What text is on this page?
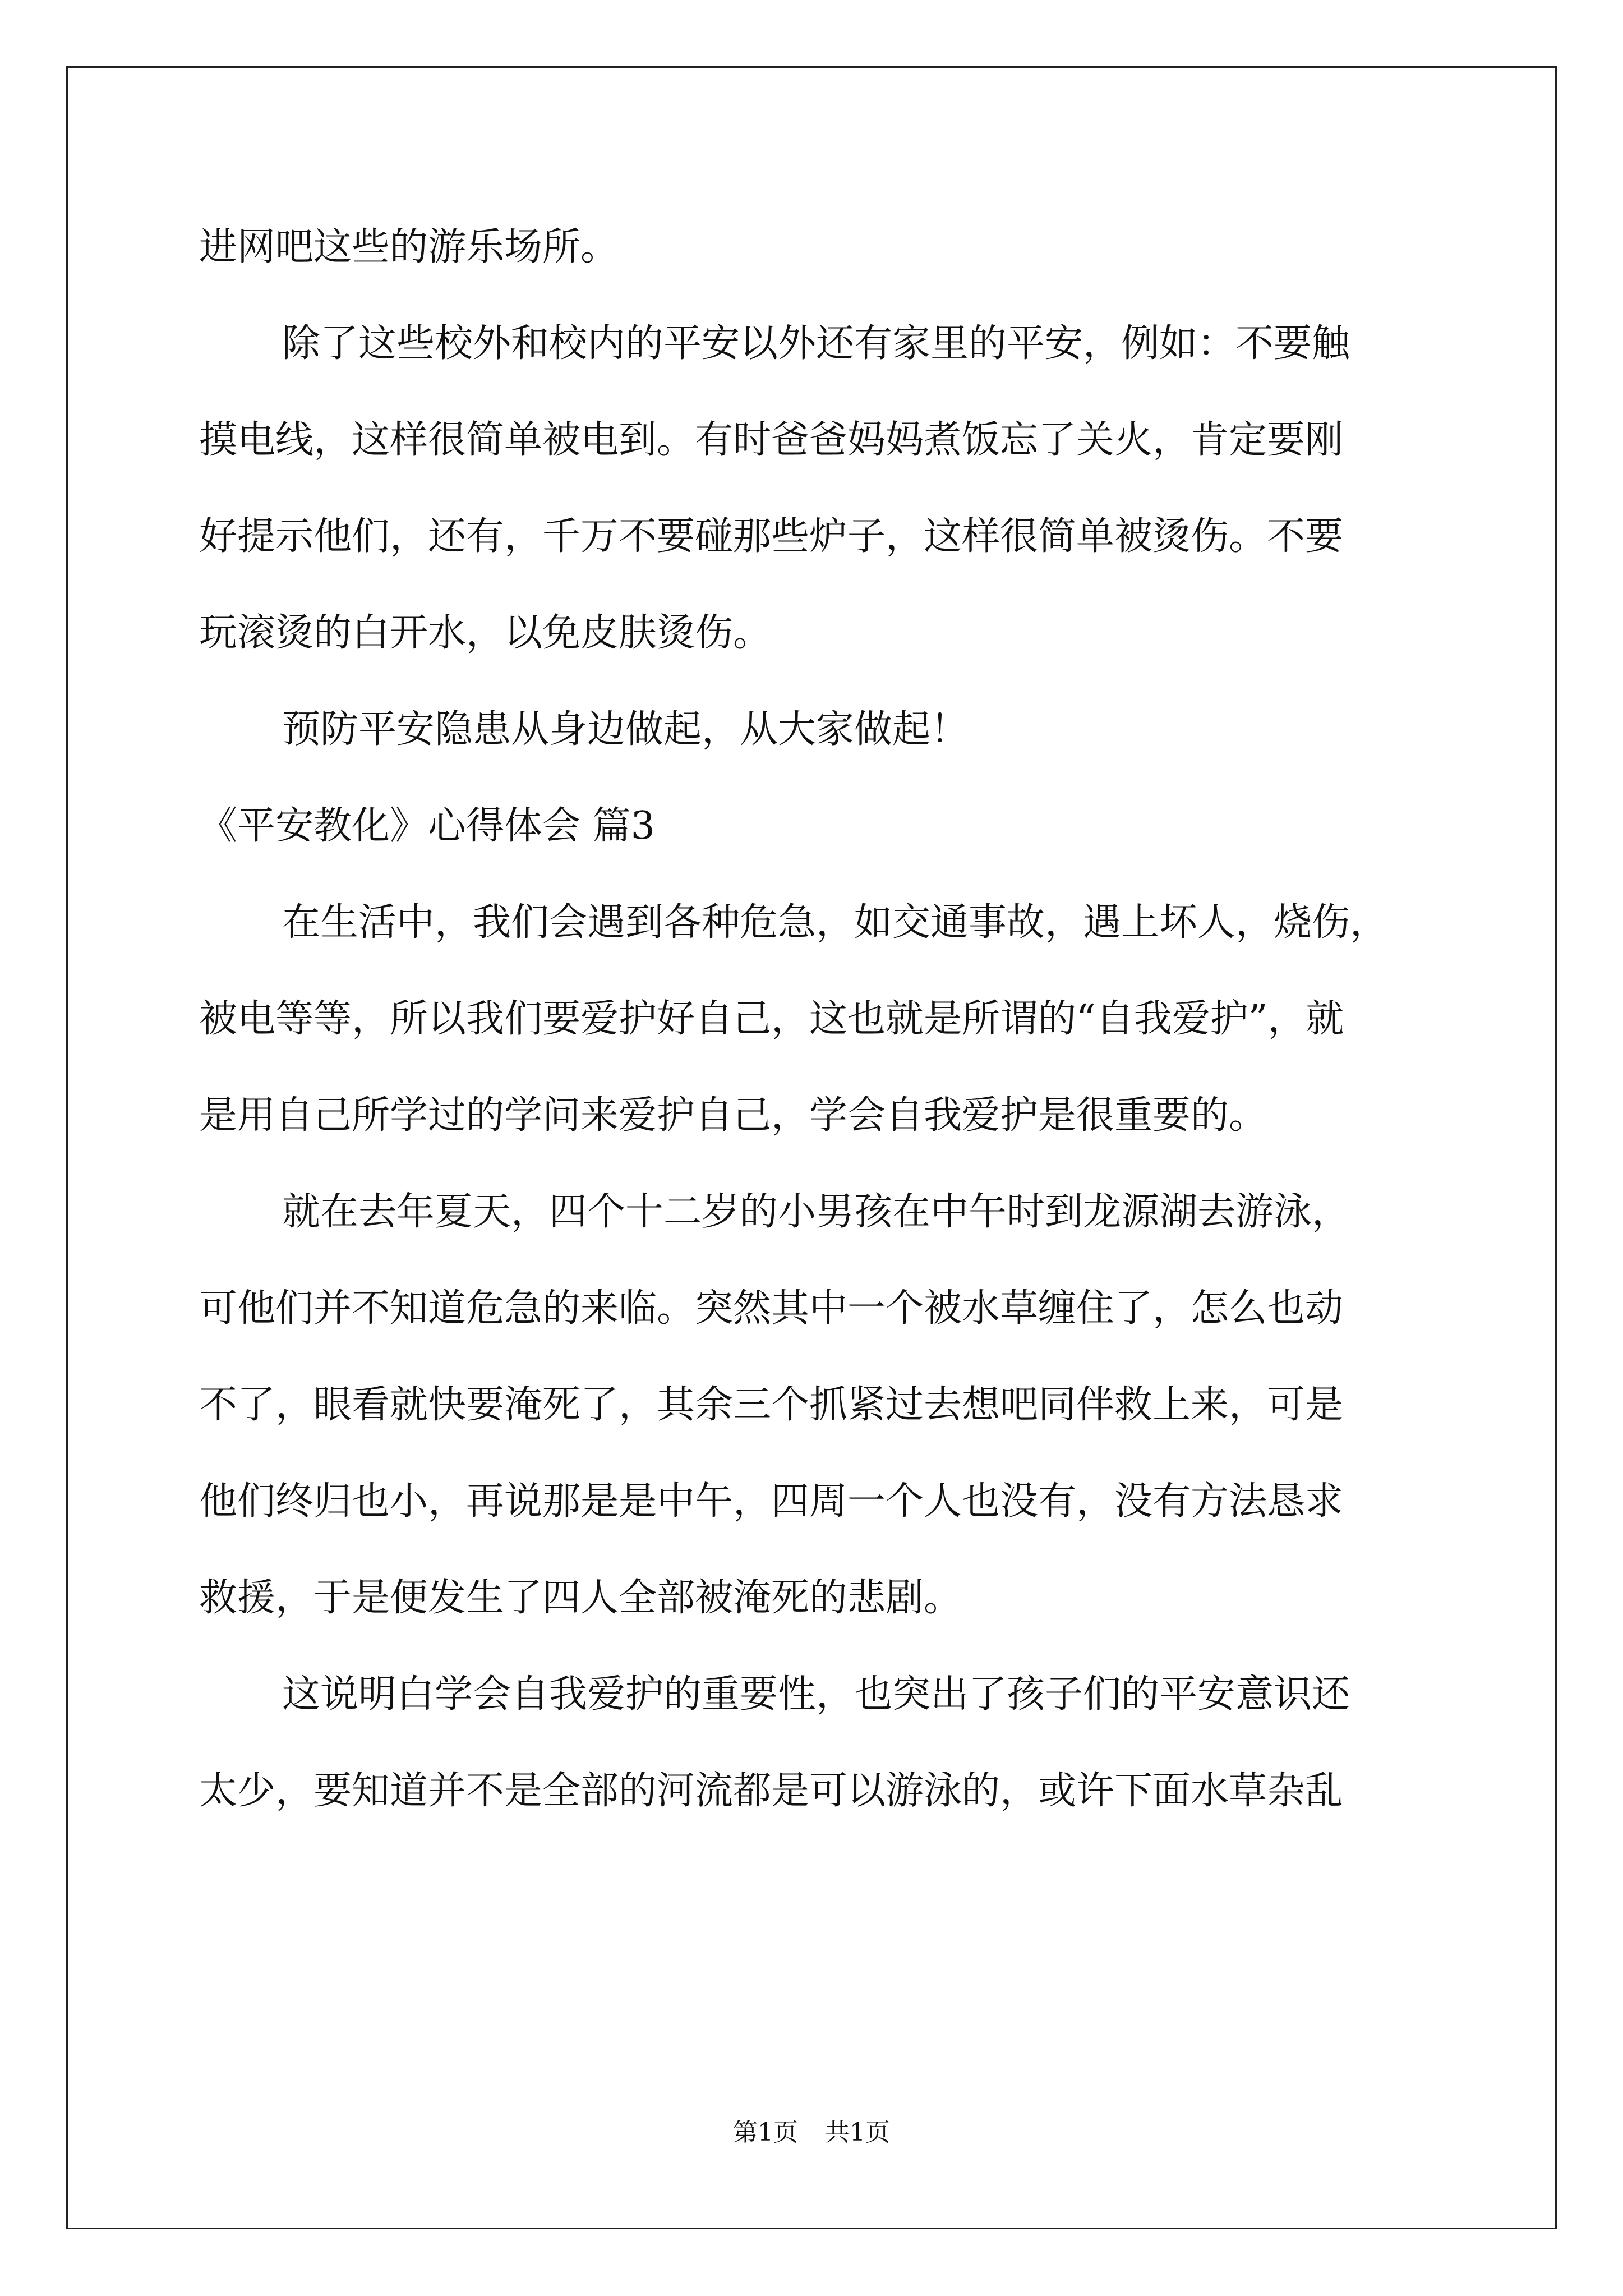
进网吧这些的游乐场所。
除了这些校外和校内的平安以外还有家里的平安，例如：不要触
摸电线，这样很简单被电到。有时爸爸妈妈煮饭忘了关火，肯定要刚
好提示他们，还有，千万不要碰那些炉子，这样很简单被烫伤。不要
玩滚烫的白开水，以免皮肤烫伤。
预防平安隐患从身边做起，从大家做起！
《平安教化》心得体会 篇3
在生活中，我们会遇到各种危急，如交通事故，遇上坏人，烧伤，
被电等等，所以我们要爱护好自己，这也就是所谓的“自我爱护”，就
是用自己所学过的学问来爱护自己，学会自我爱护是很重要的。
就在去年夏天，四个十二岁的小男孩在中午时到龙源湖去游泳，
可他们并不知道危急的来临。突然其中一个被水草缠住了，怎么也动
不了，眼看就快要淹死了，其余三个抓紧过去想吧同伴救上来，可是
他们终归也小，再说那是是中午，四周一个人也没有，没有方法恳求
救援，于是便发生了四人全部被淹死的悲剧。
这说明白学会自我爱护的重要性，也突出了孩子们的平安意识还
太少，要知道并不是全部的河流都是可以游泳的，或许下面水草杂乱
第1页 共1页
